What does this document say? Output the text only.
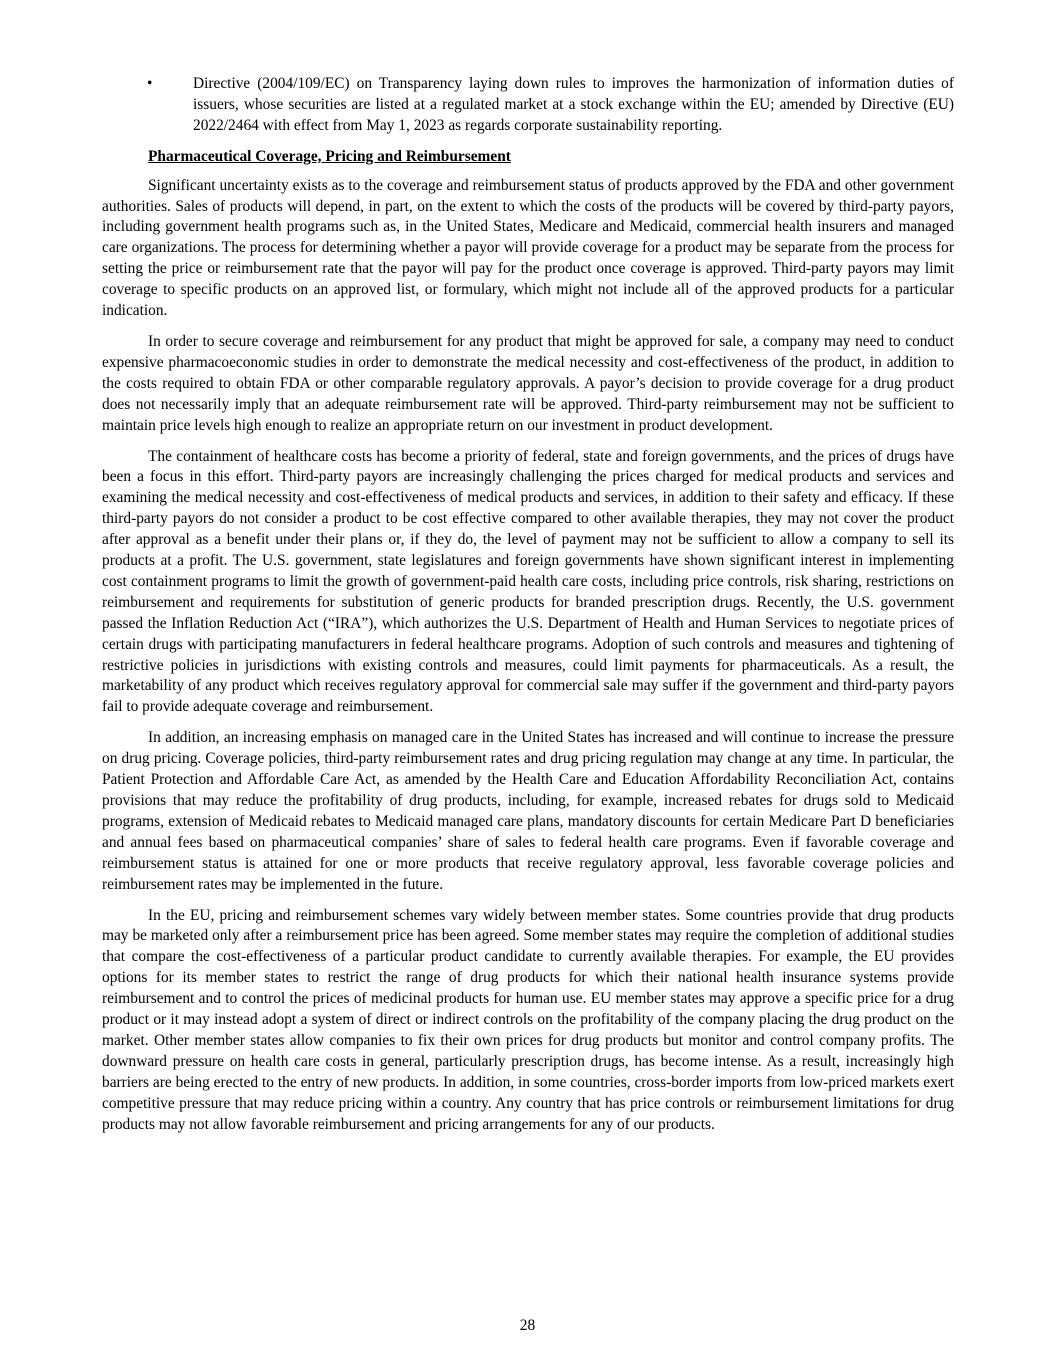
•	Directive (2004/109/EC) on Transparency laying down rules to improves the harmonization of information duties of issuers, whose securities are listed at a regulated market at a stock exchange within the EU; amended by Directive (EU) 2022/2464 with effect from May 1, 2023 as regards corporate sustainability reporting.
Pharmaceutical Coverage, Pricing and Reimbursement

Significant uncertainty exists as to the coverage and reimbursement status of products approved by the FDA and other government authorities. Sales of products will depend, in part, on the extent to which the costs of the products will be covered by third-party payors, including government health programs such as, in the United States, Medicare and Medicaid, commercial health insurers and managed care organizations. The process for determining whether a payor will provide coverage for a product may be separate from the process for setting the price or reimbursement rate that the payor will pay for the product once coverage is approved. Third-party payors may limit coverage to specific products on an approved list, or formulary, which might not include all of the approved products for a particular indication.

In order to secure coverage and reimbursement for any product that might be approved for sale, a company may need to conduct expensive pharmacoeconomic studies in order to demonstrate the medical necessity and cost-effectiveness of the product, in addition to the costs required to obtain FDA or other comparable regulatory approvals. A payor’s decision to provide coverage for a drug product does not necessarily imply that an adequate reimbursement rate will be approved. Third-party reimbursement may not be sufficient to maintain price levels high enough to realize an appropriate return on our investment in product development.

The containment of healthcare costs has become a priority of federal, state and foreign governments, and the prices of drugs have been a focus in this effort. Third-party payors are increasingly challenging the prices charged for medical products and services and examining the medical necessity and cost-effectiveness of medical products and services, in addition to their safety and efficacy. If these third-party payors do not consider a product to be cost effective compared to other available therapies, they may not cover the product after approval as a benefit under their plans or, if they do, the level of payment may not be sufficient to allow a company to sell its products at a profit. The U.S. government, state legislatures and foreign governments have shown significant interest in implementing cost containment programs to limit the growth of government-paid health care costs, including price controls, risk sharing, restrictions on reimbursement and requirements for substitution of generic products for branded prescription drugs. Recently, the U.S. government passed the Inflation Reduction Act (“IRA”), which authorizes the U.S. Department of Health and Human Services to negotiate prices of certain drugs with participating manufacturers in federal healthcare programs. Adoption of such controls and measures and tightening of restrictive policies in jurisdictions with existing controls and measures, could limit payments for pharmaceuticals. As a result, the marketability of any product which receives regulatory approval for commercial sale may suffer if the government and third-party payors fail to provide adequate coverage and reimbursement.

In addition, an increasing emphasis on managed care in the United States has increased and will continue to increase the pressure on drug pricing. Coverage policies, third-party reimbursement rates and drug pricing regulation may change at any time. In particular, the Patient Protection and Affordable Care Act, as amended by the Health Care and Education Affordability Reconciliation Act, contains provisions that may reduce the profitability of drug products, including, for example, increased rebates for drugs sold to Medicaid programs, extension of Medicaid rebates to Medicaid managed care plans, mandatory discounts for certain Medicare Part D beneficiaries and annual fees based on pharmaceutical companies’ share of sales to federal health care programs. Even if favorable coverage and reimbursement status is attained for one or more products that receive regulatory approval, less favorable coverage policies and reimbursement rates may be implemented in the future.

In the EU, pricing and reimbursement schemes vary widely between member states. Some countries provide that drug products may be marketed only after a reimbursement price has been agreed. Some member states may require the completion of additional studies that compare the cost-effectiveness of a particular product candidate to currently available therapies. For example, the EU provides options for its member states to restrict the range of drug products for which their national health insurance systems provide reimbursement and to control the prices of medicinal products for human use. EU member states may approve a specific price for a drug product or it may instead adopt a system of direct or indirect controls on the profitability of the company placing the drug product on the market. Other member states allow companies to fix their own prices for drug products but monitor and control company profits. The downward pressure on health care costs in general, particularly prescription drugs, has become intense. As a result, increasingly high barriers are being erected to the entry of new products. In addition, in some countries, cross-border imports from low-priced markets exert competitive pressure that may reduce pricing within a country. Any country that has price controls or reimbursement limitations for drug products may not allow favorable reimbursement and pricing arrangements for any of our products.

28
